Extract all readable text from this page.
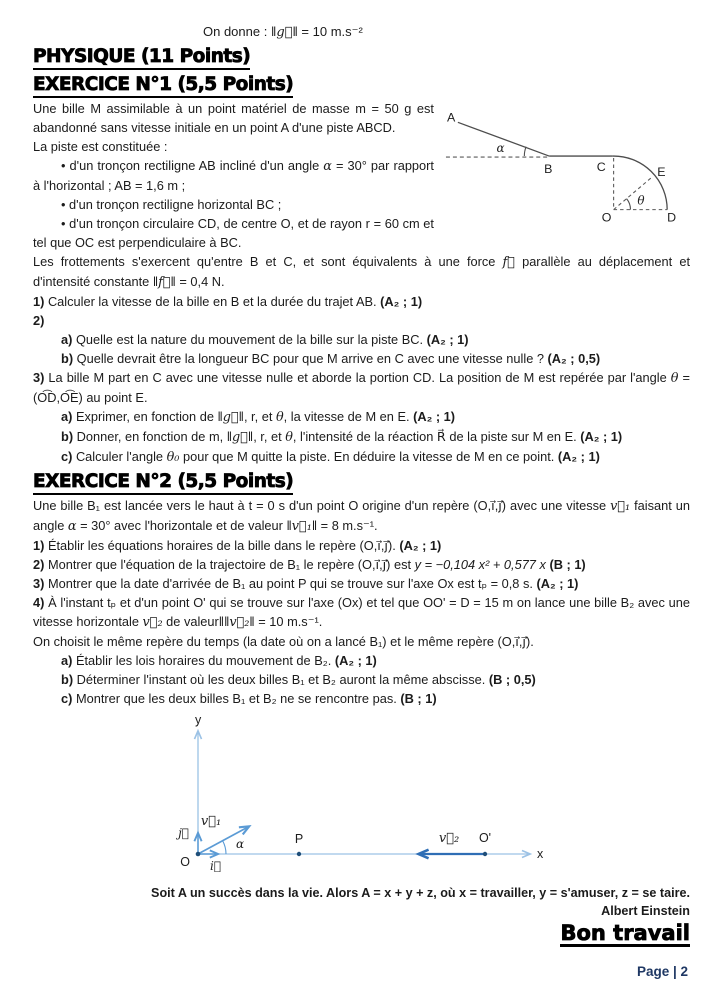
On donne : ‖g⃗‖ = 10 m.s⁻²
PHYSIQUE (11 Points)
EXERCICE N°1 (5,5 Points)
A
B	C
D
E
O
α
θ

Une bille M assimilable à un point matériel de masse m = 50 g est abandonné sans vitesse initiale en un point A d'une piste ABCD.

La piste est constituée :

• d'un tronçon rectiligne AB incliné d'un angle α = 30° par rapport à l'horizontal ; AB = 1,6 m ;

• d'un tronçon rectiligne horizontal BC ;

• d'un tronçon circulaire CD, de centre O, et de rayon r = 60 cm et tel que OC est perpendiculaire à BC.

Les frottements s'exercent qu'entre B et C, et sont équivalents à une force f⃗ parallèle au déplacement et d'intensité constante ‖f⃗‖ = 0,4 N.

1) Calculer la vitesse de la bille en B et la durée du trajet AB. (A₂ ; 1)

2)

a) Quelle est la nature du mouvement de la bille sur la piste BC. (A₂ ; 1)

b) Quelle devrait être la longueur BC pour que M arrive en C avec une vitesse nulle ? (A₂ ; 0,5)

3) La bille M part en C avec une vitesse nulle et aborde la portion CD. La position de M est repérée par l'angle θ = (O͡D,O͡E) au point E.

a) Exprimer, en fonction de ‖g⃗‖, r, et θ, la vitesse de M en E. (A₂ ; 1)

b) Donner, en fonction de m, ‖g⃗‖, r, et θ, l'intensité de la réaction R⃗ de la piste sur M en E. (A₂ ; 1)

c) Calculer l'angle θ₀ pour que M quitte la piste. En déduire la vitesse de M en ce point. (A₂ ; 1)

EXERCICE N°2 (5,5 Points)

Une bille B₁ est lancée vers le haut à t = 0 s d'un point O origine d'un repère (O,i⃗,j⃗) avec une vitesse v⃗₁ faisant un angle α = 30° avec l'horizontale et de valeur ‖v⃗₁‖ = 8 m.s⁻¹.

1) Établir les équations horaires de la bille dans le repère (O,i⃗,j⃗). (A₂ ; 1)

2) Montrer que l'équation de la trajectoire de B₁ le repère (O,i⃗,j⃗) est y = −0,104 x² + 0,577 x (B ; 1)

3) Montrer que la date d'arrivée de B₁ au point P qui se trouve sur l'axe Ox est tₚ = 0,8 s. (A₂ ; 1)

4) À l'instant tₚ et d'un point O' qui se trouve sur l'axe (Ox) et tel que OO' = D = 15 m on lance une bille B₂ avec une vitesse horizontale v⃗₂ de valeur‖‖v⃗₂‖ = 10 m.s⁻¹.

On choisit le même repère du temps (la date où on a lancé B₁) et le même repère (O,i⃗,j⃗).

a) Établir les lois horaires du mouvement de B₂. (A₂ ; 1)

b) Déterminer l'instant où les deux billes B₁ et B₂ auront la même abscisse. (B ; 0,5)

c) Montrer que les deux billes B₁ et B₂ ne se rencontre pas. (B ; 1)

y
x
O
j⃗
i⃗
v⃗₁
α	P	v⃗₂ O'
Soit A un succès dans la vie. Alors A = x + y + z, où x = travailler, y = s'amuser, z = se taire.
Albert Einstein
Bon travail
Page | 2
